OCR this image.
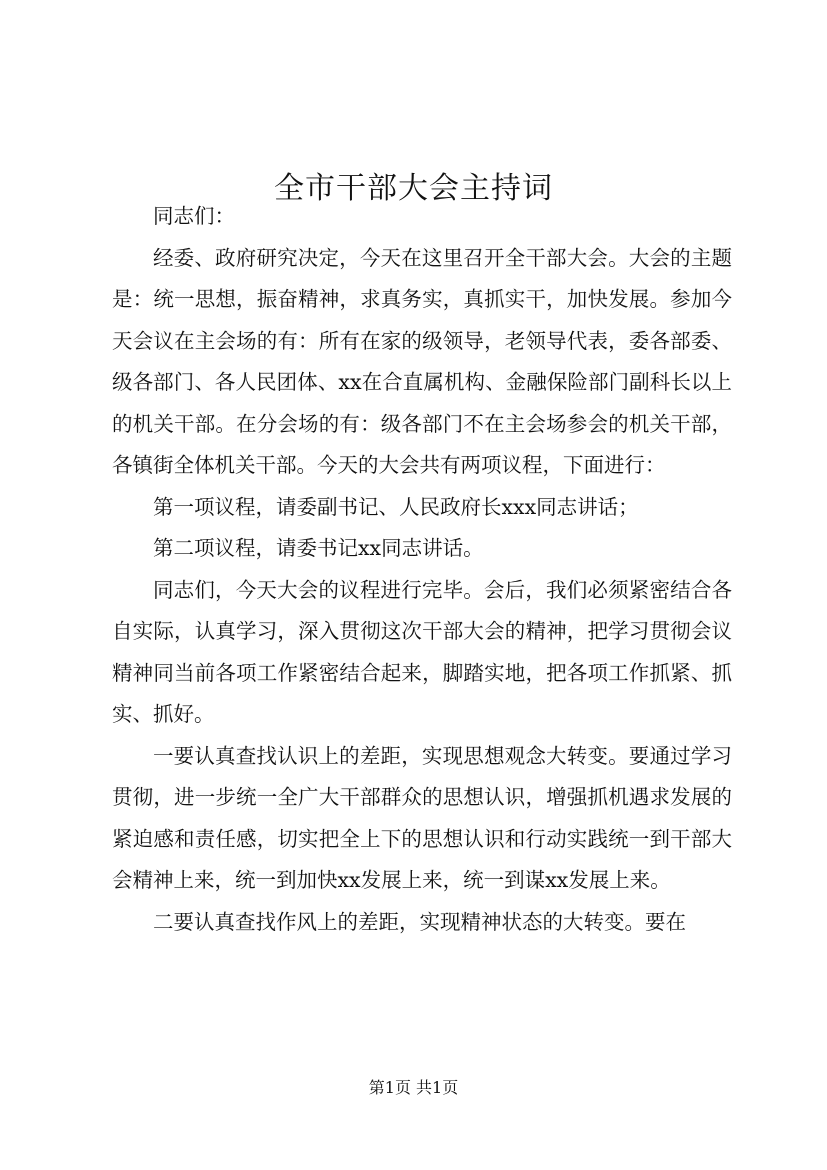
全市干部大会主持词

同志们：

经委、政府研究决定，今天在这里召开全干部大会。大会的主题是：统一思想，振奋精神，求真务实，真抓实干，加快发展。参加今天会议在主会场的有：所有在家的级领导，老领导代表，委各部委、级各部门、各人民团体、xx在合直属机构、金融保险部门副科长以上的机关干部。在分会场的有：级各部门不在主会场参会的机关干部，各镇街全体机关干部。今天的大会共有两项议程，下面进行：

第一项议程，请委副书记、人民政府长xxx同志讲话；

第二项议程，请委书记xx同志讲话。

同志们，今天大会的议程进行完毕。会后，我们必须紧密结合各自实际，认真学习，深入贯彻这次干部大会的精神，把学习贯彻会议精神同当前各项工作紧密结合起来，脚踏实地，把各项工作抓紧、抓实、抓好。

一要认真查找认识上的差距，实现思想观念大转变。要通过学习贯彻，进一步统一全广大干部群众的思想认识，增强抓机遇求发展的紧迫感和责任感，切实把全上下的思想认识和行动实践统一到干部大会精神上来，统一到加快xx发展上来，统一到谋xx发展上来。

二要认真查找作风上的差距，实现精神状态的大转变。要在

第1页 共1页
